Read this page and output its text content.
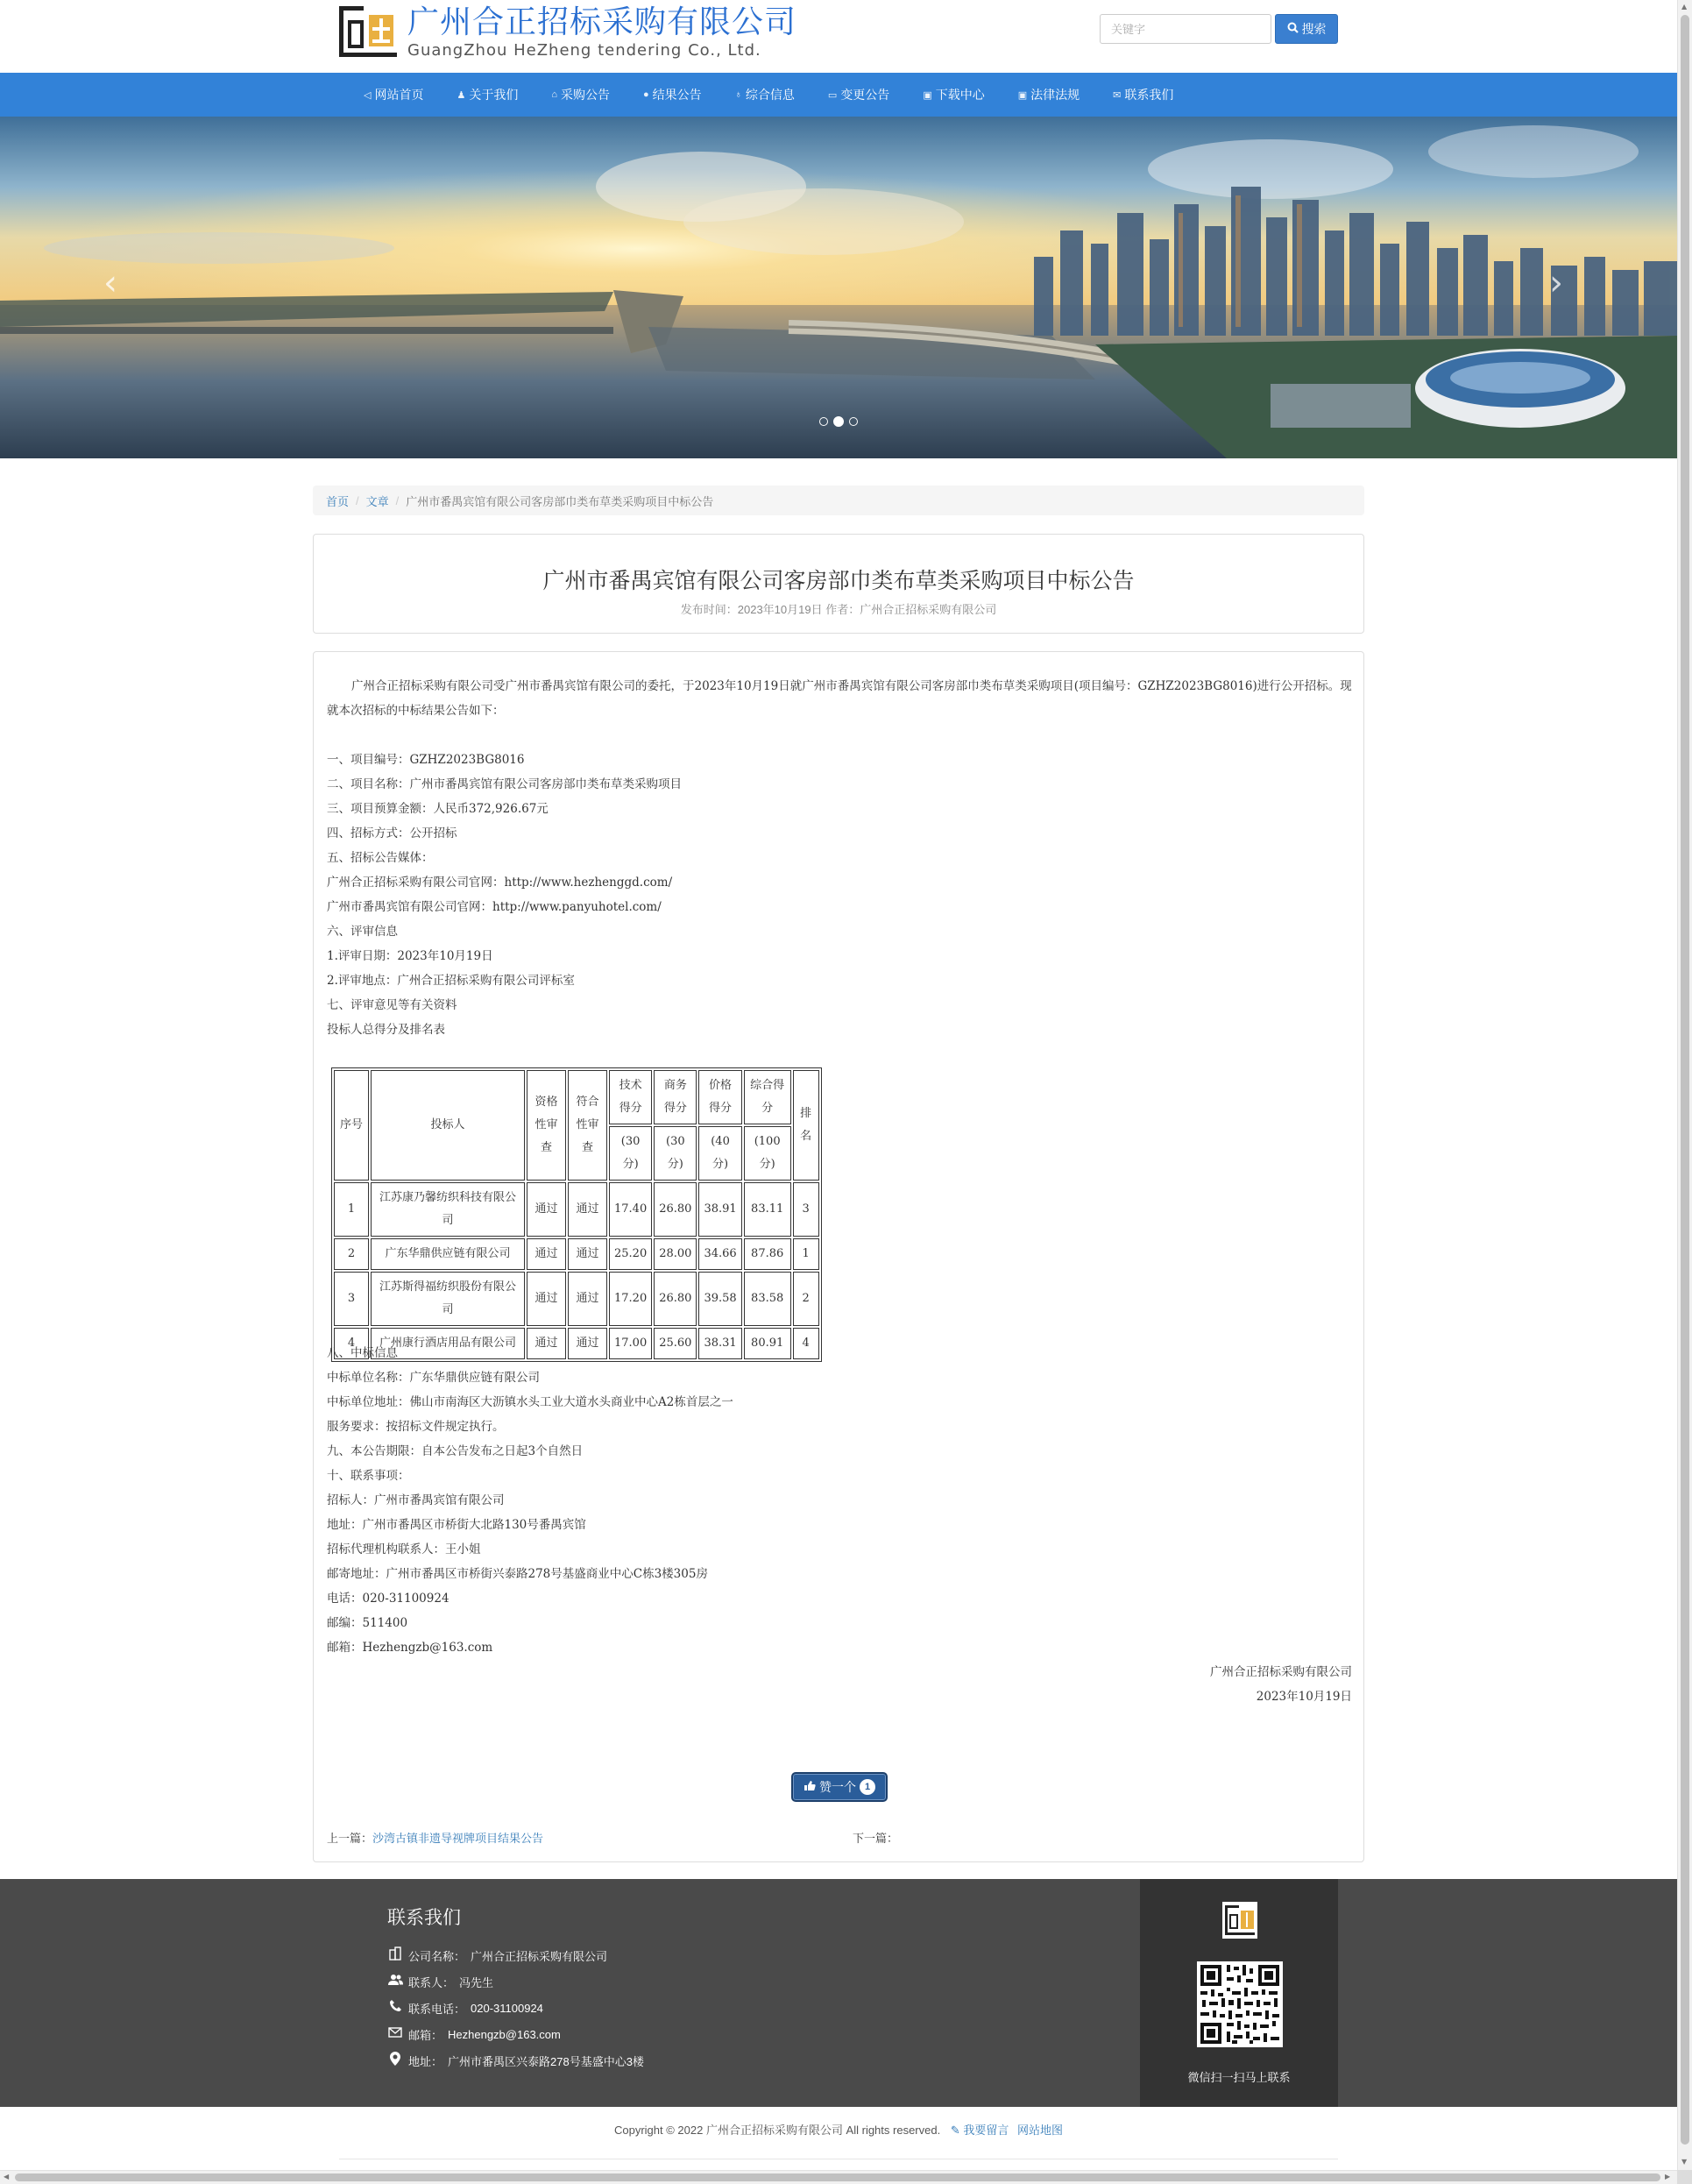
广州合正招标采购有限公司
GuangZhou HeZheng tendering Co., Ltd.
关键字
搜索
◁ 网站首页	♟ 关于我们	⌂ 采购公告	● 结果公告	♁ 综合信息	▭ 变更公告	▣ 下载中心	▣ 法律法规	✉ 联系我们
‹	›
首页 / 文章 / 广州市番禺宾馆有限公司客房部巾类布草类采购项目中标公告
广州市番禺宾馆有限公司客房部巾类布草类采购项目中标公告
发布时间：2023年10月19日 作者：广州合正招标采购有限公司

广州合正招标采购有限公司受广州市番禺宾馆有限公司的委托，于2023年10月19日就广州市番禺宾馆有限公司客房部巾类布草类采购项目(项目编号：GZHZ2023BG8016)进行公开招标。现就本次招标的中标结果公告如下：

一、项目编号：GZHZ2023BG8016

二、项目名称：广州市番禺宾馆有限公司客房部巾类布草类采购项目

三、项目预算金额：人民币372,926.67元

四、招标方式：公开招标

五、招标公告媒体：

广州合正招标采购有限公司官网：http://www.hezhenggd.com/

广州市番禺宾馆有限公司官网：http://www.panyuhotel.com/

六、评审信息

1.评审日期：2023年10月19日

2.评审地点：广州合正招标采购有限公司评标室

七、评审意见等有关资料

投标人总得分及排名表

序号	投标人	资格性审查	符合性审查	技术得分	商务得分	价格得分	综合得分	排名
				(30分)	(30分)	(40分)	(100分)	
1	江苏康乃馨纺织科技有限公司	通过	通过	17.40	26.80	38.91	83.11	3
2	广东华鼎供应链有限公司	通过	通过	25.20	28.00	34.66	87.86	1
3	江苏斯得福纺织股份有限公司	通过	通过	17.20	26.80	39.58	83.58	2
4	广州康行酒店用品有限公司	通过	通过	17.00	25.60	38.31	80.91	4

八、中标信息

中标单位名称：广东华鼎供应链有限公司

中标单位地址：佛山市南海区大沥镇水头工业大道水头商业中心A2栋首层之一

服务要求：按招标文件规定执行。

九、本公告期限：自本公告发布之日起3个自然日

十、联系事项：

招标人：广州市番禺宾馆有限公司

地址：广州市番禺区市桥街大北路130号番禺宾馆

招标代理机构联系人：王小姐

邮寄地址：广州市番禺区市桥街兴泰路278号基盛商业中心C栋3楼305房

电话：020-31100924

邮编：511400

邮箱：Hezhengzb@163.com

广州合正招标采购有限公司

2023年10月19日

赞一个 1
上一篇：沙湾古镇非遗导视牌项目结果公告	下一篇：
联系我们
公司名称： 广州合正招标采购有限公司
联系人： 冯先生
联系电话： 020-31100924
邮箱： Hezhengzb@163.com
地址： 广州市番禺区兴泰路278号基盛中心3楼
微信扫一扫马上联系
Copyright © 2022 广州合正招标采购有限公司 All rights reserved. ✎ 我要留言 网站地图
▲
▼
◀	▶
